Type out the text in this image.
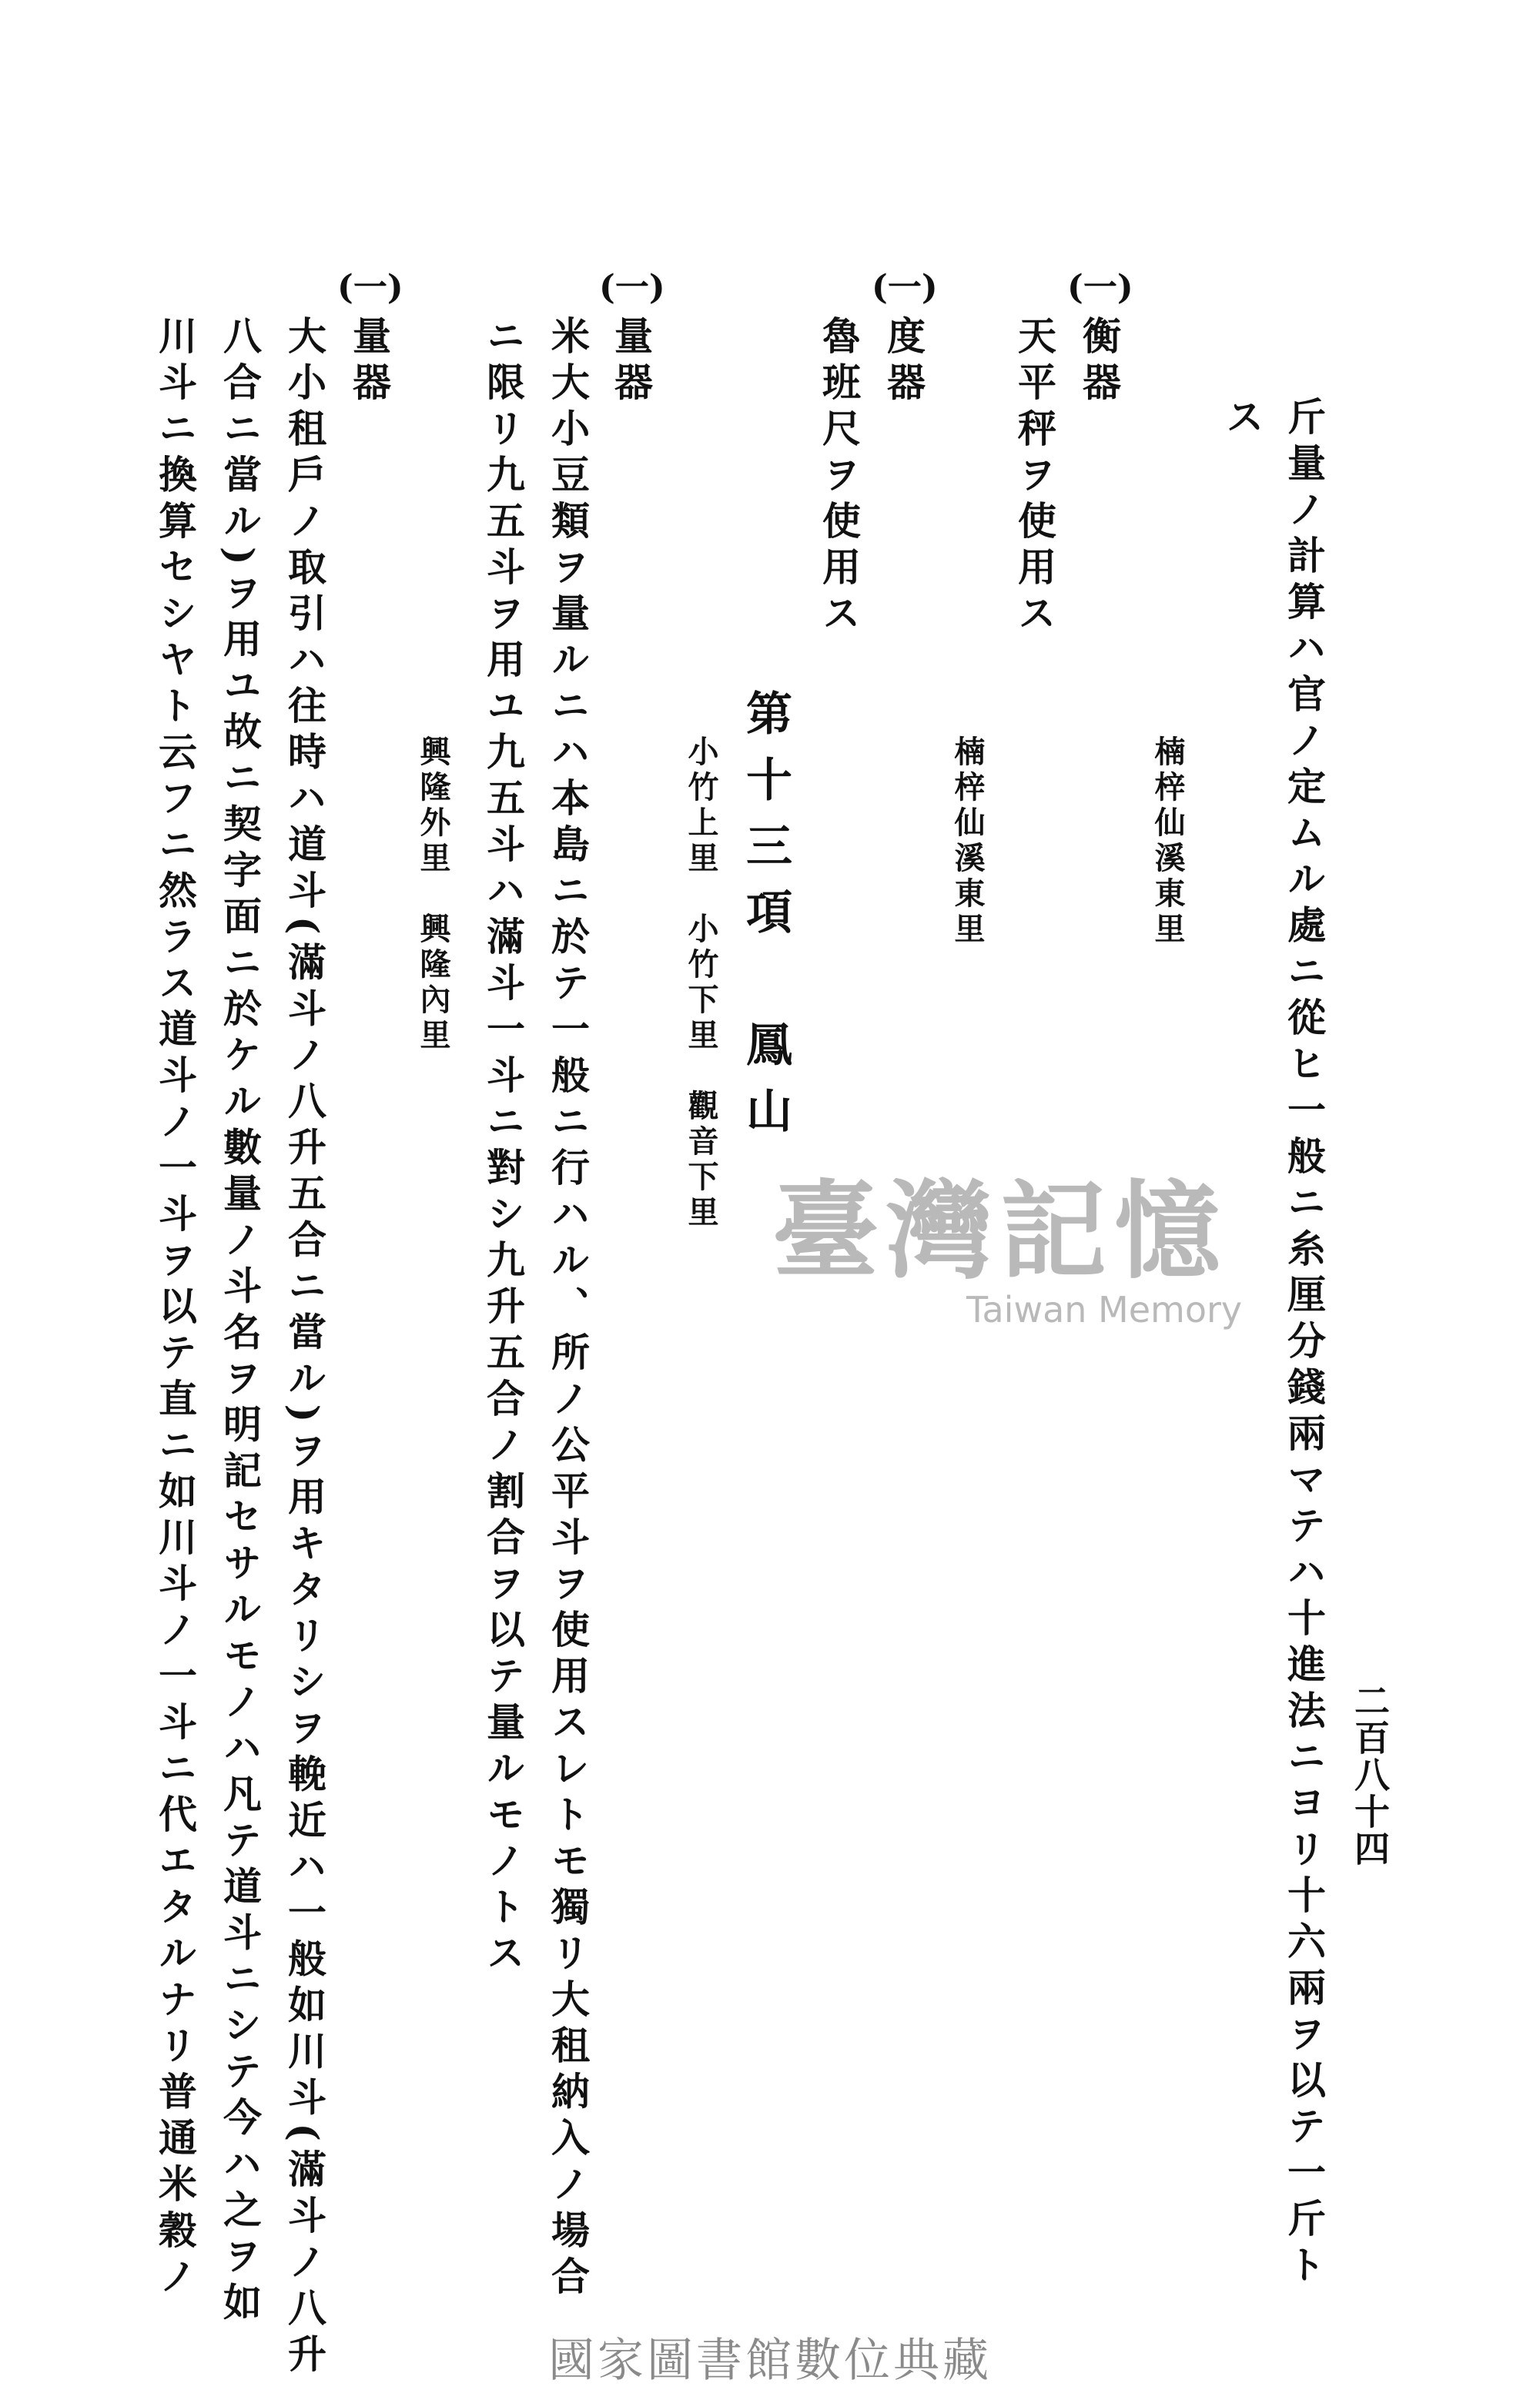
二百八十四
斤量ノ計算ハ官ノ定ムル處ニ從ヒ一般ニ糸厘分錢兩マテハ十進法ニヨリ十六兩ヲ以テ一斤ト
ス
楠梓仙溪東里
(一)
衡器
天平秤ヲ使用ス
楠梓仙溪東里
(一)
度器
魯班尺ヲ使用ス
第十三項　鳳山
小竹上里　小竹下里　觀音下里
(一)
量器
米大小豆類ヲ量ルニハ本島ニ於テ一般ニ行ハル、所ノ公平斗ヲ使用スレトモ獨リ大租納入ノ場合
ニ限リ九五斗ヲ用ユ九五斗ハ滿斗一斗ニ對シ九升五合ノ割合ヲ以テ量ルモノトス
興隆外里　興隆內里
(一)
量器
大小租戶ノ取引ハ往時ハ道斗(滿斗ノ八升五合ニ當ル)ヲ用キタリシヲ輓近ハ一般如川斗(滿斗ノ八升
八合ニ當ル)ヲ用ユ故ニ契字面ニ於ケル數量ノ斗名ヲ明記セサルモノハ凡テ道斗ニシテ今ハ之ヲ如
川斗ニ換算セシヤト云フニ然ラス道斗ノ一斗ヲ以テ直ニ如川斗ノ一斗ニ代エタルナリ普通米穀ノ	臺灣記憶
Taiwan Memory
國家圖書館數位典藏
